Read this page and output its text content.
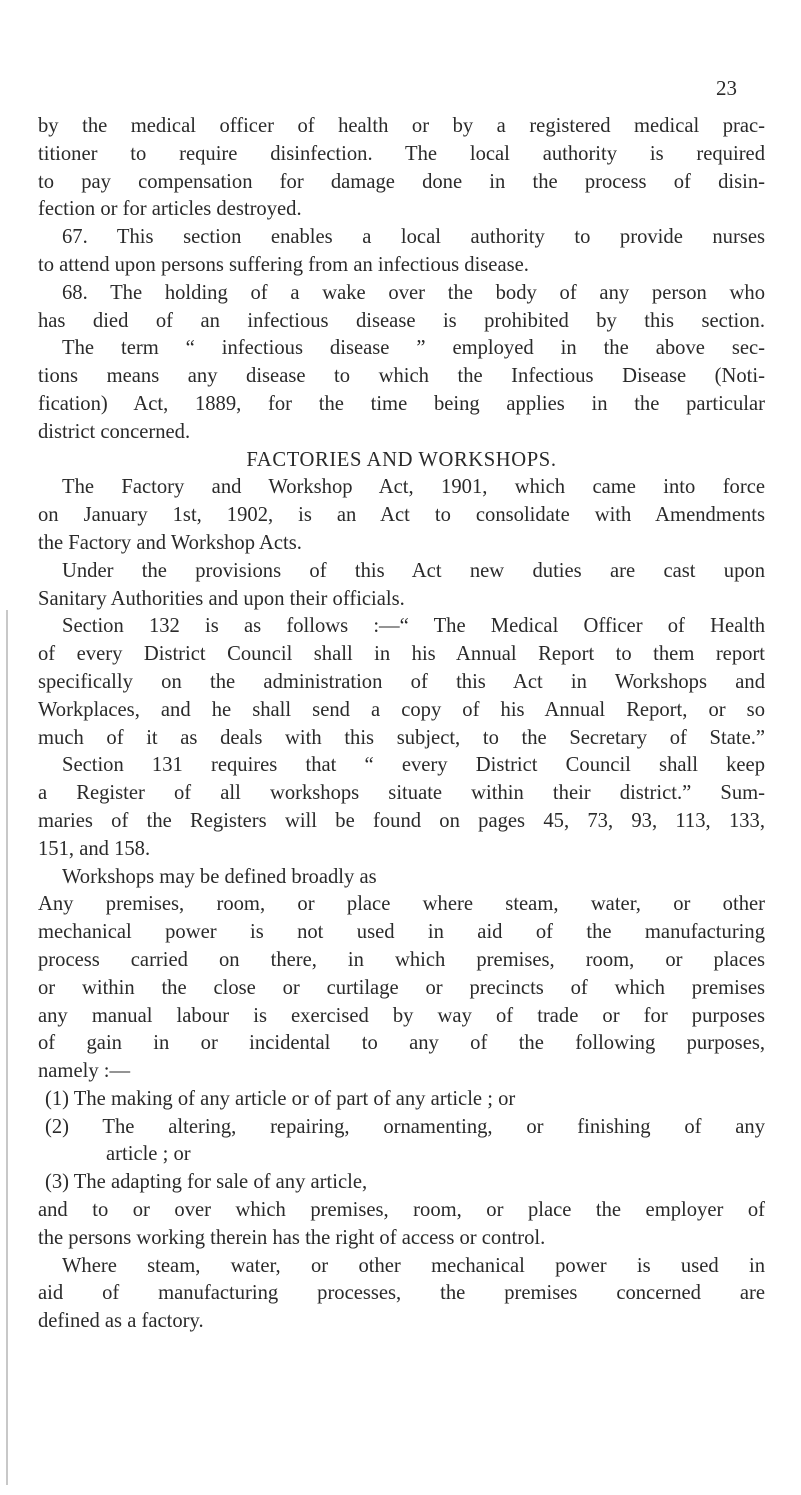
23
by the medical officer of health or by a registered medical prac-
titioner to require disinfection. The local authority is required
to pay compensation for damage done in the process of disin-
fection or for articles destroyed.
67. This section enables a local authority to provide nurses
to attend upon persons suffering from an infectious disease.
68. The holding of a wake over the body of any person who
has died of an infectious disease is prohibited by this section.
The term “ infectious disease ” employed in the above sec-
tions means any disease to which the Infectious Disease (Noti-
fication) Act, 1889, for the time being applies in the particular
district concerned.
FACTORIES AND WORKSHOPS.
The Factory and Workshop Act, 1901, which came into force
on January 1st, 1902, is an Act to consolidate with Amendments
the Factory and Workshop Acts.
Under the provisions of this Act new duties are cast upon
Sanitary Authorities and upon their officials.
Section 132 is as follows :—“ The Medical Officer of Health
of every District Council shall in his Annual Report to them report
specifically on the administration of this Act in Workshops and
Workplaces, and he shall send a copy of his Annual Report, or so
much of it as deals with this subject, to the Secretary of State.”
Section 131 requires that “ every District Council shall keep
a Register of all workshops situate within their district.” Sum-
maries of the Registers will be found on pages 45, 73, 93, 113, 133,
151, and 158.
Workshops may be defined broadly as
Any premises, room, or place where steam, water, or other
mechanical power is not used in aid of the manufacturing
process carried on there, in which premises, room, or places
or within the close or curtilage or precincts of which premises
any manual labour is exercised by way of trade or for purposes
of gain in or incidental to any of the following purposes,
namely :—
(1) The making of any article or of part of any article ; or
(2) The altering, repairing, ornamenting, or finishing of any
article ; or
(3) The adapting for sale of any article,
and to or over which premises, room, or place the employer of
the persons working therein has the right of access or control.
Where steam, water, or other mechanical power is used in
aid of manufacturing processes, the premises concerned are
defined as a factory.
